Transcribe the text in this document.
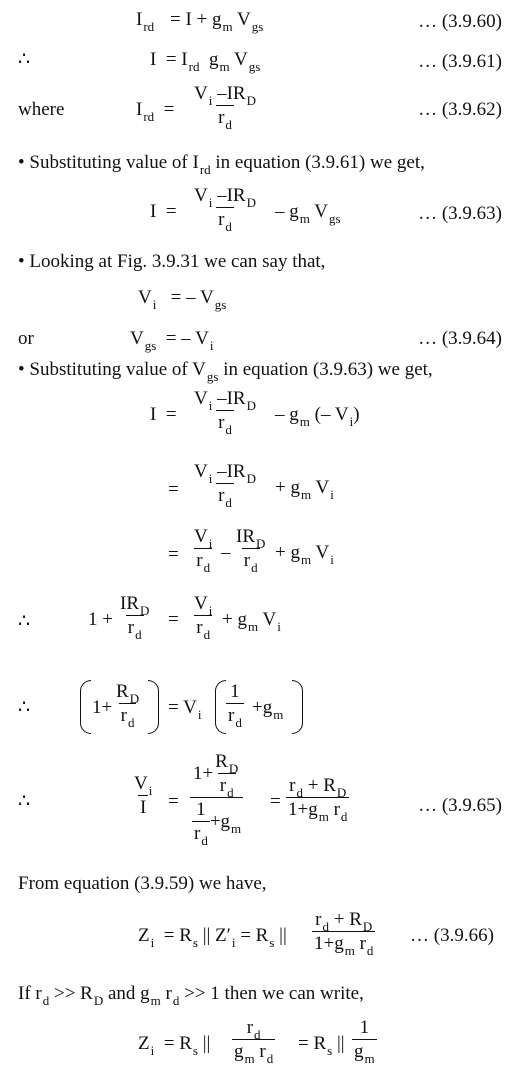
$I_{rd} = I + g_m$ $V_{gs}$	… (3.9.60)
∴	$I = I_{rd}$  $g_m$ $V_{gs}$	… (3.9.61)
where	$I_{rd}$  =
$V_i$ $-IR_D$
$r_d$
… (3.9.62)
• Substituting value of $I_{rd}$ in equation (3.9.61) we get,
I  =
$V_i$ $-IR_D$
$r_d$
– $g_m$ $V_{gs}$	… (3.9.63)
• Looking at Fig. 3.9.31 we can say that,
$V_i$   = – $V_{gs}$
or	$V_{gs}$  = – $V_i$	… (3.9.64)
• Substituting value of $V_{gs}$ in equation (3.9.63) we get,
I  =
$V_i$ $-IR_D$
$r_d$
– $g_m$ (– $V_i$)
=
$V_i$ $-IR_D$
$r_d$
+ $g_m$ $V_i$
= $\frac{V_i}{r_d}$ –
$IR_D$
$r_d$
+ $g_m$ $V_i$
∴	1 +
$IR_D$
$r_d$
= $\frac{V_i}{r_d} + g_m$ $V_i$
∴	$1+ \frac{R_D}{r_d} = V_i \frac{1}{r_d} +g_m$
∴	$\frac{V_i}{I} = 1+ \frac{R_D}{r_d}$
1
$r_d$
$+g_m = \frac{r_d + R_D}{1+g_m r_d}$	… (3.9.65)
From equation (3.9.59) we have,
$Z_i = R_s$ || $Z'_i = R_s$ || $\frac{r_d + R_D}{1+g_m r_d}$ … (3.9.66)
If $r_d >> R_D$ and $g_m$ $r_d >> 1$ then we can write,
$Z_i = R_s$ || $\frac{r_d}{g_m r_d} = R_s$ || $\frac{1}{g_m}$
